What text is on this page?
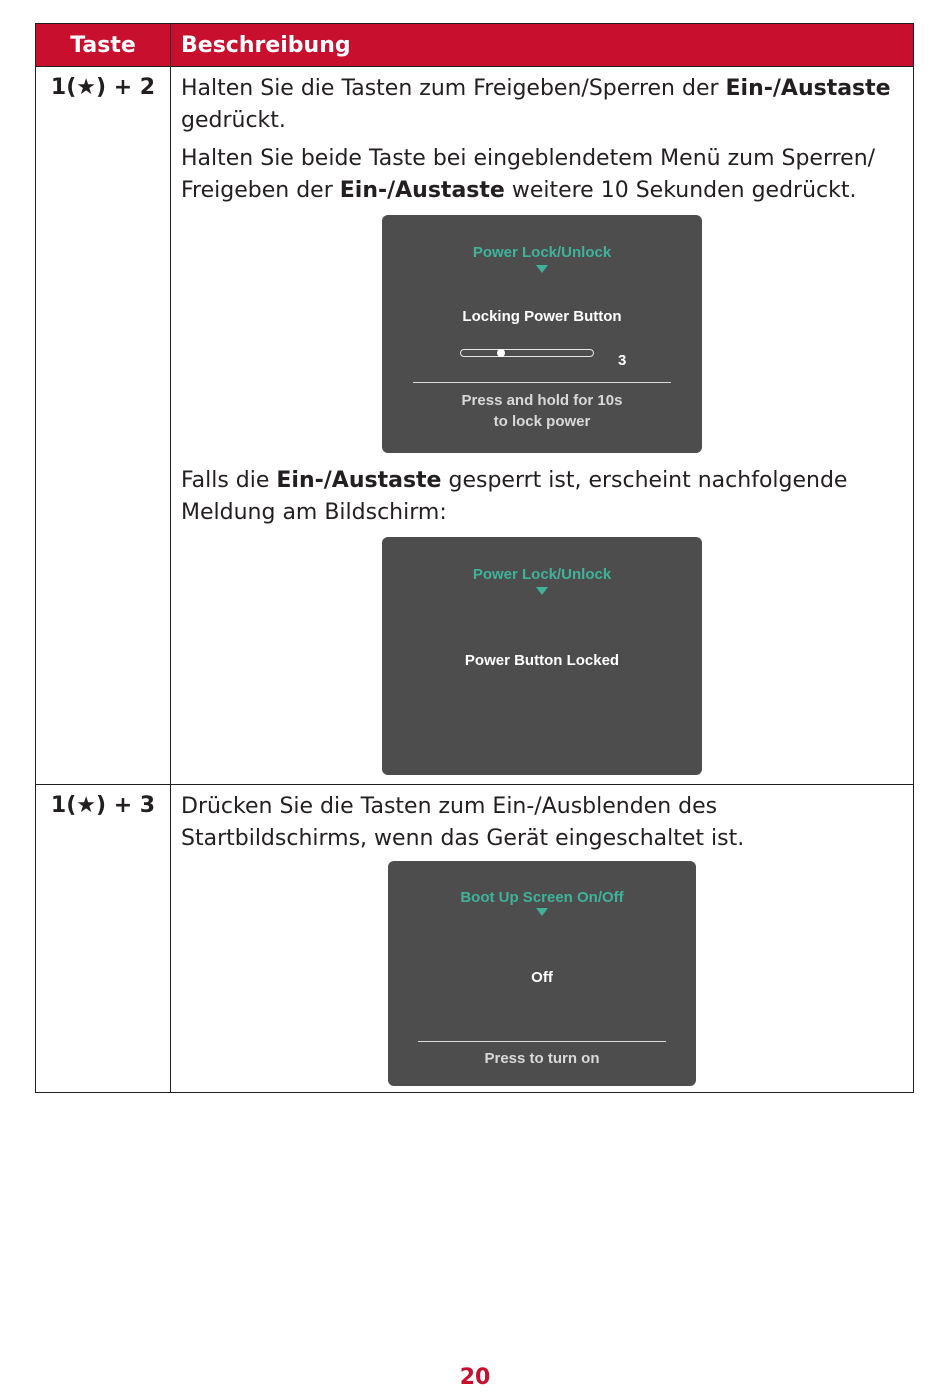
Taste	Beschreibung
1(★) + 2	Halten Sie die Tasten zum Freigeben/Sperren der Ein-/Austaste gedrückt.

Halten Sie beide Taste bei eingeblendetem Menü zum Sperren/ Freigeben der Ein-/Austaste weitere 10 Sekunden gedrückt.

Power Lock/Unlock
Locking Power Button
3
Press and hold for 10s
to lock power

Falls die Ein-/Austaste gesperrt ist, erscheint nachfolgende Meldung am Bildschirm:

Power Lock/Unlock
Power Button Locked
1(★) + 3	Drücken Sie die Tasten zum Ein-/Ausblenden des Startbildschirms, wenn das Gerät eingeschaltet ist.

Boot Up Screen On/Off
Off
Press to turn on
20
